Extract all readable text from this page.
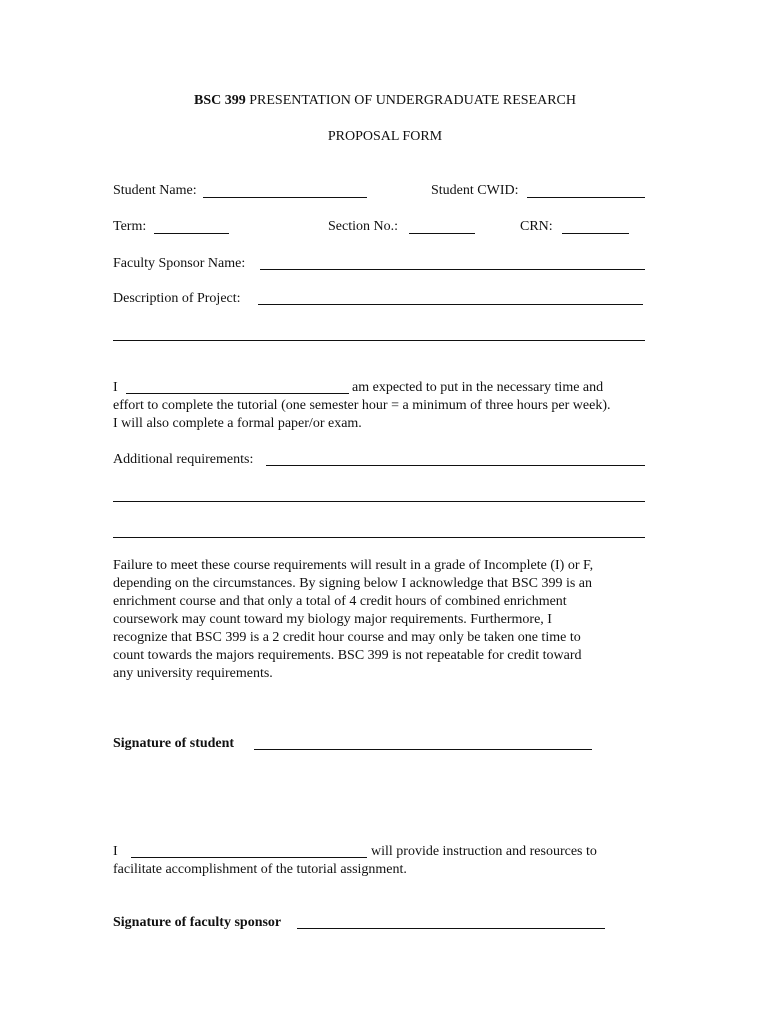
BSC 399 PRESENTATION OF UNDERGRADUATE RESEARCH
PROPOSAL FORM
Student Name:	Student CWID:
Term:	Section No.:	CRN:
Faculty Sponsor Name:
Description of Project:
I	am expected to put in the necessary time and
effort to complete the tutorial (one semester hour = a minimum of three hours per week).
I will also complete a formal paper/or exam.
Additional requirements:
Failure to meet these course requirements will result in a grade of Incomplete (I) or F,
depending on the circumstances. By signing below I acknowledge that BSC 399 is an
enrichment course and that only a total of 4 credit hours of combined enrichment
coursework may count toward my biology major requirements. Furthermore, I
recognize that BSC 399 is a 2 credit hour course and may only be taken one time to
count towards the majors requirements. BSC 399 is not repeatable for credit toward
any university requirements.
Signature of student
I	will provide instruction and resources to
facilitate accomplishment of the tutorial assignment.
Signature of faculty sponsor
